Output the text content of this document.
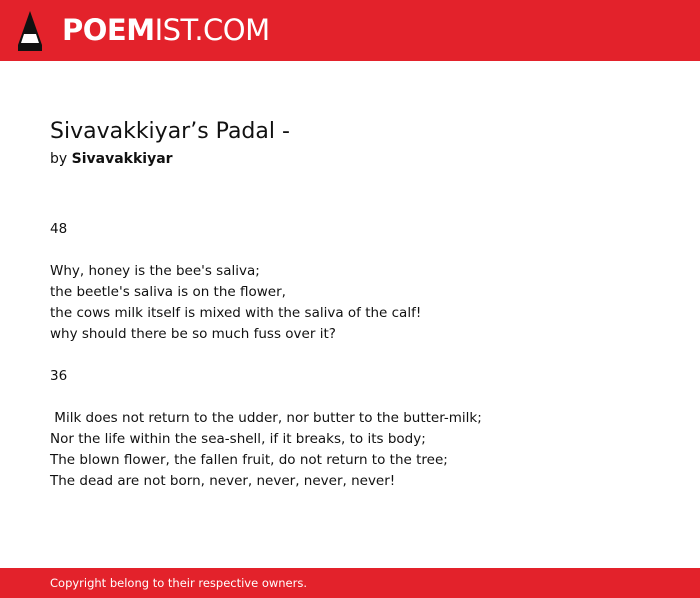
POEMIST.COM
Sivavakkiyar’s Padal -
by Sivavakkiyar
48
Why, honey is the bee's saliva;
the beetle's saliva is on the flower,
the cows milk itself is mixed with the saliva of the calf!
why should there be so much fuss over it?
36
Milk does not return to the udder, nor butter to the butter-milk;
Nor the life within the sea-shell, if it breaks, to its body;
The blown flower, the fallen fruit, do not return to the tree;
The dead are not born, never, never, never, never!
Copyright belong to their respective owners.
